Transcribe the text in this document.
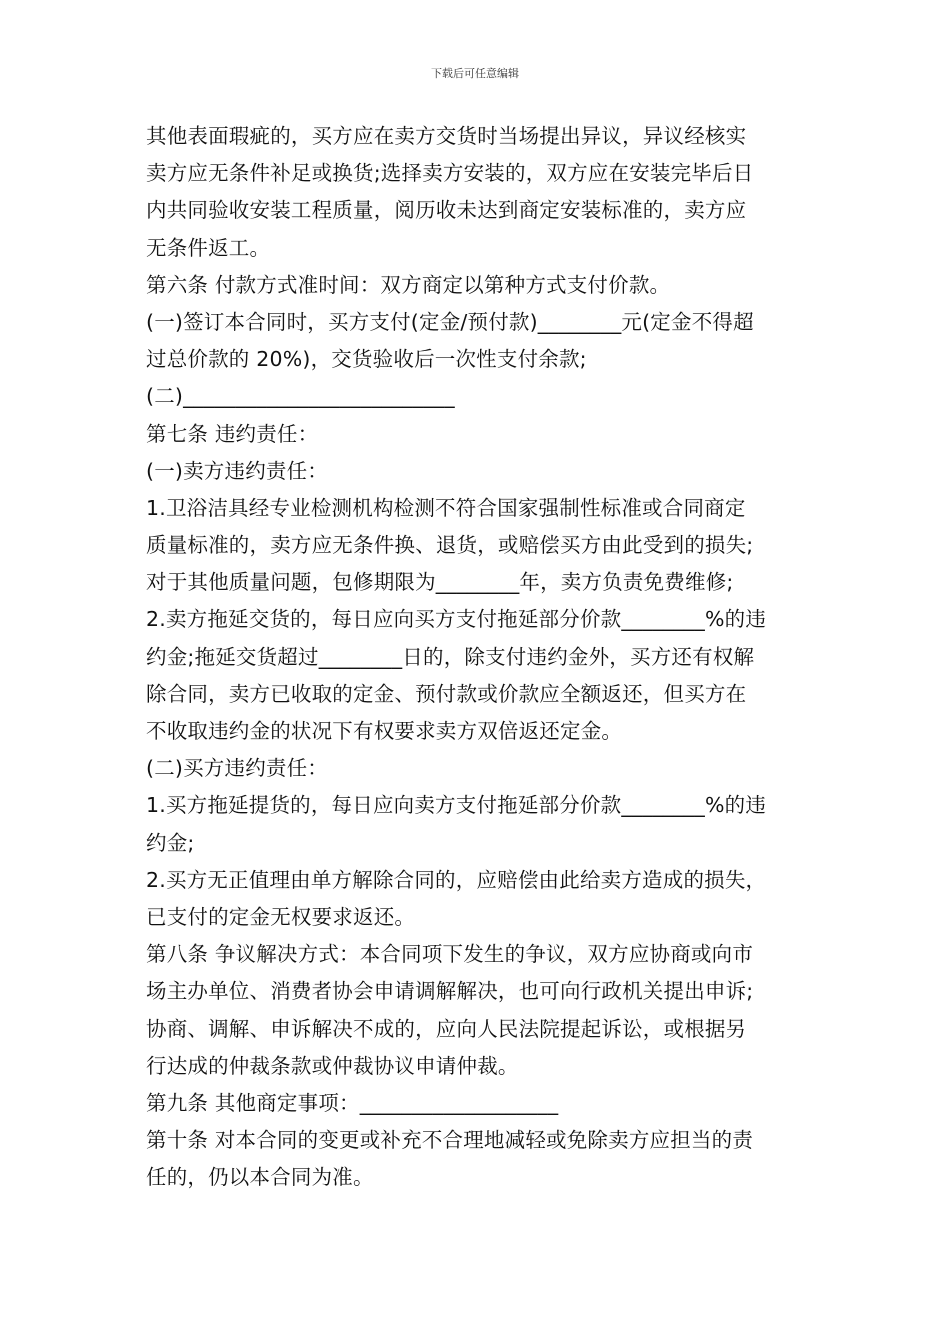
下载后可任意编辑
其他表面瑕疵的，买方应在卖方交货时当场提出异议，异议经核实
卖方应无条件补足或换货;选择卖方安装的，双方应在安装完毕后日
内共同验收安装工程质量，阅历收未达到商定安装标准的，卖方应
无条件返工。
第六条 付款方式准时间：双方商定以第种方式支付价款。
(一)签订本合同时，买方支付(定金/预付款)________元(定金不得超
过总价款的 20%)，交货验收后一次性支付余款;
(二)__________________________
第七条 违约责任：
(一)卖方违约责任：
1.卫浴洁具经专业检测机构检测不符合国家强制性标准或合同商定
质量标准的，卖方应无条件换、退货，或赔偿买方由此受到的损失;
对于其他质量问题，包修期限为________年，卖方负责免费维修;
2.卖方拖延交货的，每日应向买方支付拖延部分价款________%的违
约金;拖延交货超过________日的，除支付违约金外，买方还有权解
除合同，卖方已收取的定金、预付款或价款应全额返还，但买方在
不收取违约金的状况下有权要求卖方双倍返还定金。
(二)买方违约责任：
1.买方拖延提货的，每日应向卖方支付拖延部分价款________%的违
约金;
2.买方无正值理由单方解除合同的，应赔偿由此给卖方造成的损失，
已支付的定金无权要求返还。
第八条 争议解决方式：本合同项下发生的争议，双方应协商或向市
场主办单位、消费者协会申请调解解决，也可向行政机关提出申诉;
协商、调解、申诉解决不成的，应向人民法院提起诉讼，或根据另
行达成的仲裁条款或仲裁协议申请仲裁。
第九条 其他商定事项：___________________
第十条 对本合同的变更或补充不合理地减轻或免除卖方应担当的责
任的，仍以本合同为准。
